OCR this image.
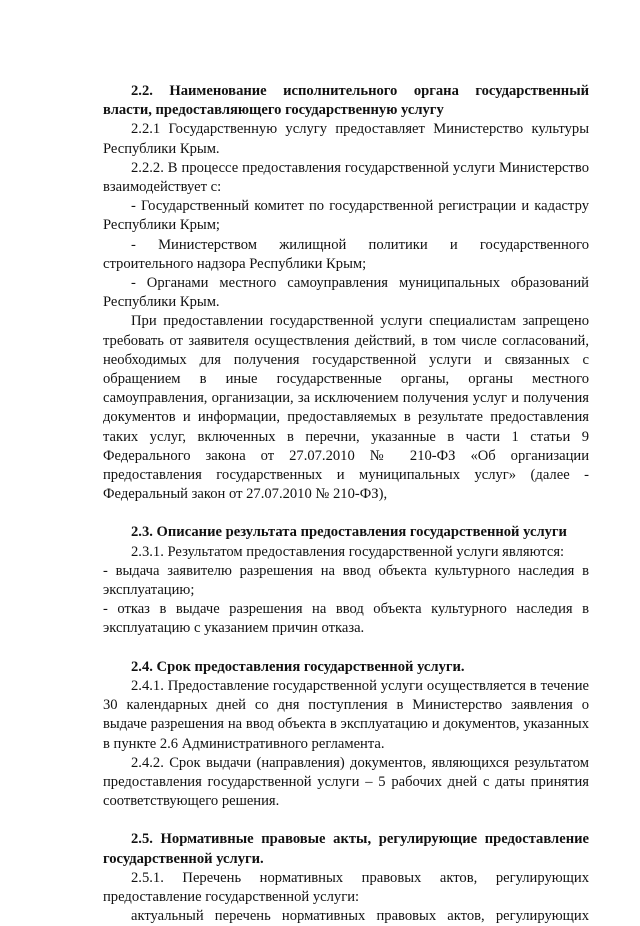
2.2. Наименование исполнительного органа государственный власти, предоставляющего государственную услугу

2.2.1 Государственную услугу предоставляет Министерство культуры Республики Крым.

2.2.2. В процессе предоставления государственной услуги Министерство взаимодействует с:

- Государственный комитет по государственной регистрации и кадастру Республики Крым;

- Министерством жилищной политики и государственного строительного надзора Республики Крым;

- Органами местного самоуправления муниципальных образований Республики Крым.

При предоставлении государственной услуги специалистам запрещено требовать от заявителя осуществления действий, в том числе согласований, необходимых для получения государственной услуги и связанных с обращением в иные государственные органы, органы местного самоуправления, организации, за исключением получения услуг и получения документов и информации, предоставляемых в результате предоставления таких услуг, включенных в перечни, указанные в части 1 статьи 9 Федерального закона от 27.07.2010 № 210-ФЗ «Об организации предоставления государственных и муниципальных услуг» (далее - Федеральный закон от 27.07.2010 № 210-ФЗ),

2.3. Описание результата предоставления государственной услуги

2.3.1. Результатом предоставления государственной услуги являются:

- выдача заявителю разрешения на ввод объекта культурного наследия в эксплуатацию;

- отказ в выдаче разрешения на ввод объекта культурного наследия в эксплуатацию с указанием причин отказа.

2.4. Срок предоставления государственной услуги.

2.4.1. Предоставление государственной услуги осуществляется в течение 30 календарных дней со дня поступления в Министерство заявления о выдаче разрешения на ввод объекта в эксплуатацию и документов, указанных в пункте 2.6 Административного регламента.

2.4.2. Срок выдачи (направления) документов, являющихся результатом предоставления государственной услуги – 5 рабочих дней с даты принятия соответствующего решения.

2.5. Нормативные правовые акты, регулирующие предоставление государственной услуги.

2.5.1. Перечень нормативных правовых актов, регулирующих предоставление государственной услуги:

актуальный перечень нормативных правовых актов, регулирующих
